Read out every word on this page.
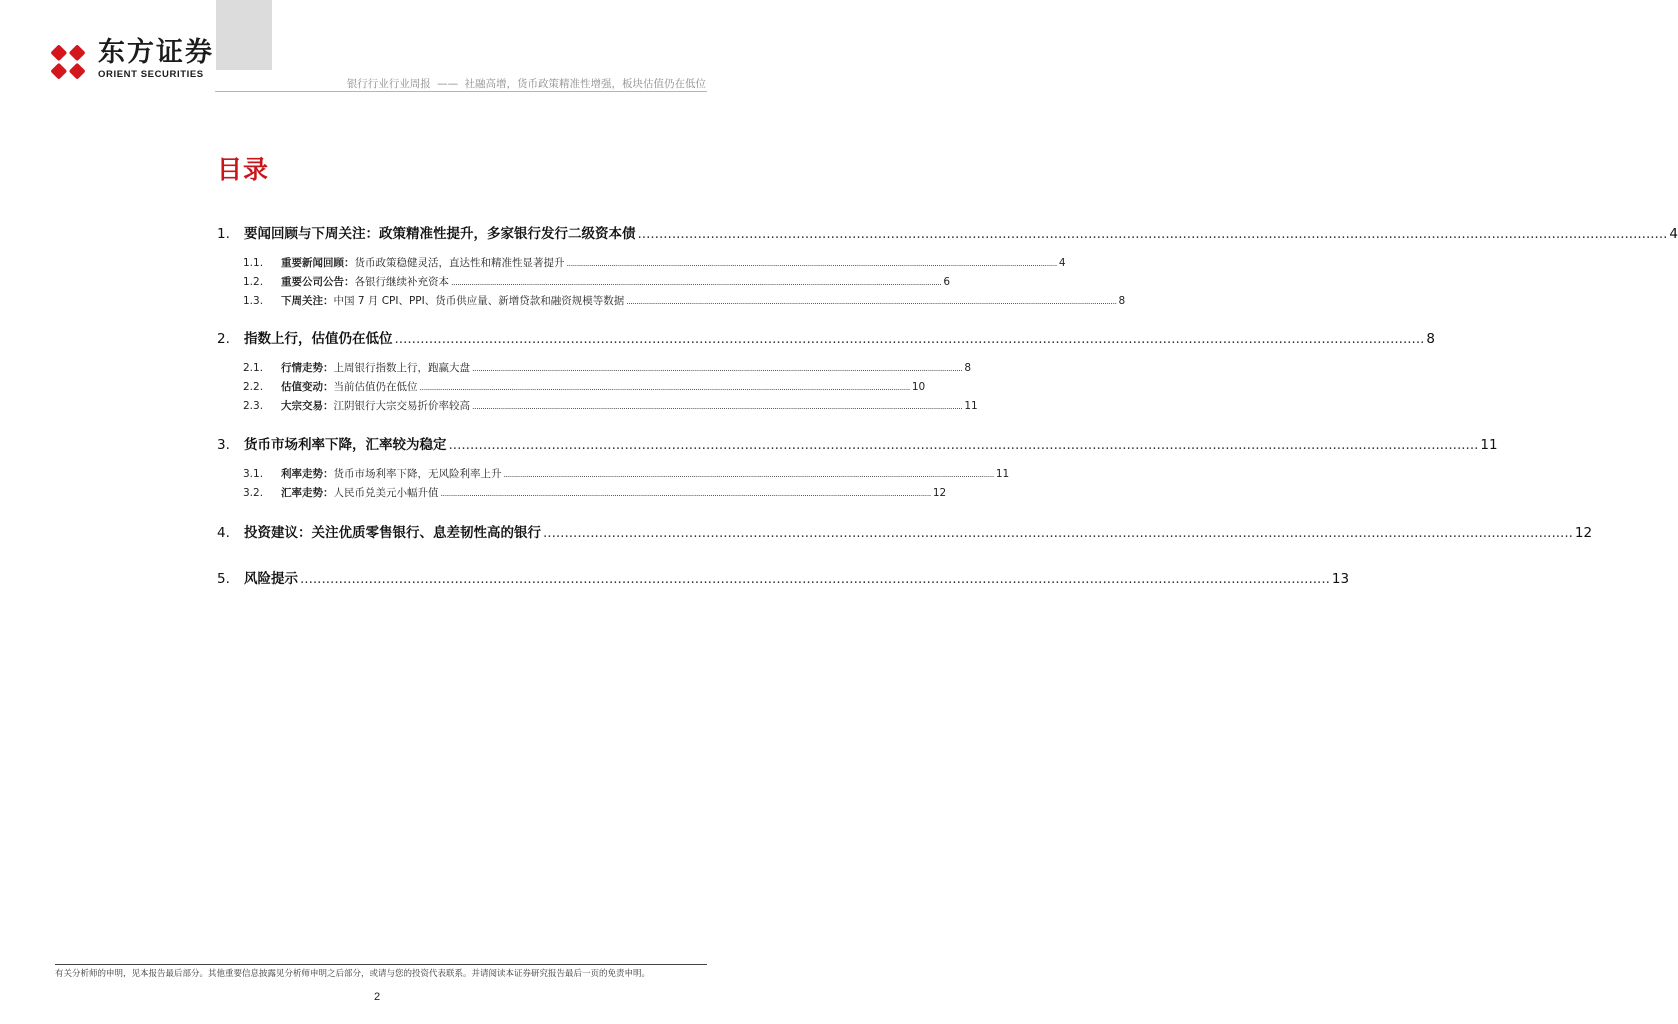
东方证券
ORIENT SECURITIES
银行行业行业周报 —— 社融高增，货币政策精准性增强，板块估值仍在低位
目录
1.	要闻回顾与下周关注：政策精准性提升，多家银行发行二级资本债 .....	4
1.1.	重要新闻回顾：货币政策稳健灵活，直达性和精准性显著提升 .....	4
1.2.	重要公司公告：各银行继续补充资本 .....	6
1.3.	下周关注：中国 7 月 CPI、PPI、货币供应量、新增贷款和融资规模等数据 .....	8
2.	指数上行，估值仍在低位 .....	8
2.1.	行情走势：上周银行指数上行，跑赢大盘 .....	8
2.2.	估值变动：当前估值仍在低位 .....	10
2.3.	大宗交易：江阴银行大宗交易折价率较高 .....	11
3.	货币市场利率下降，汇率较为稳定 .....	11
3.1.	利率走势：货币市场利率下降，无风险利率上升 .....	11
3.2.	汇率走势：人民币兑美元小幅升值 .....	12
4.	投资建议：关注优质零售银行、息差韧性高的银行 .....	12
5.	风险提示 .....	13
有关分析师的申明，见本报告最后部分。其他重要信息披露见分析师申明之后部分，或请与您的投资代表联系。并请阅读本证券研究报告最后一页的免责申明。
2
